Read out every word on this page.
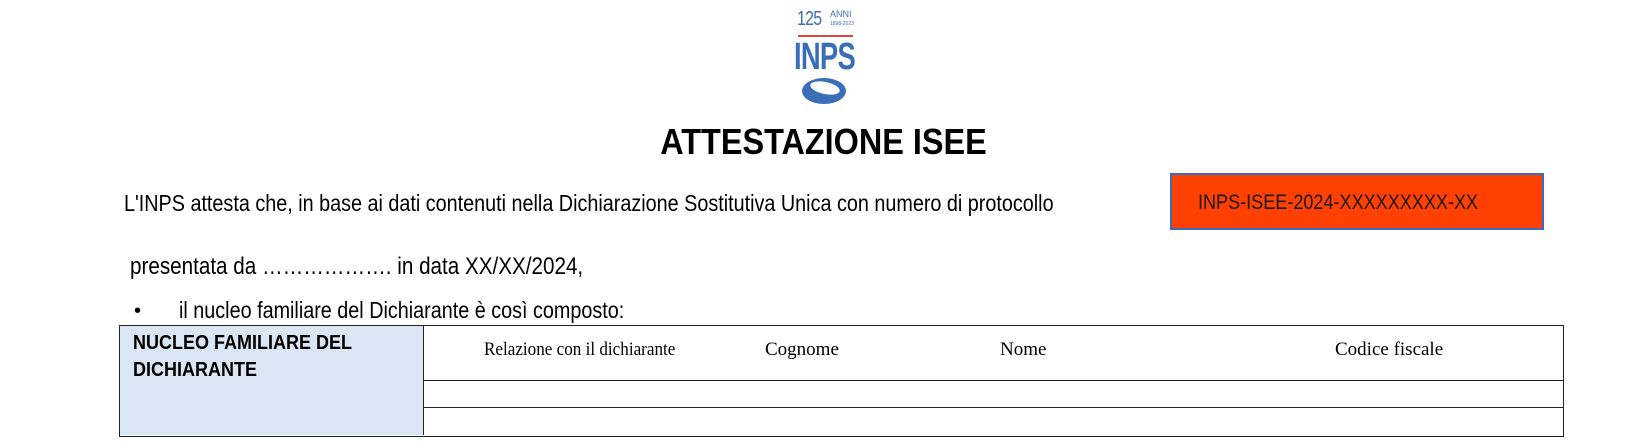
125 ANNI
1898-2023
INPS
ATTESTAZIONE ISEE
L'INPS attesta che, in base ai dati contenuti nella Dichiarazione Sostitutiva Unica con numero di protocollo	INPS-ISEE-2024-XXXXXXXXX-XX
presentata da ………………. in data XX/XX/2024,
• il nucleo familiare del Dichiarante è così composto:
NUCLEO FAMILIARE DEL DICHIARANTE
Relazione con il dichiarante	Cognome	Nome	Codice fiscale
